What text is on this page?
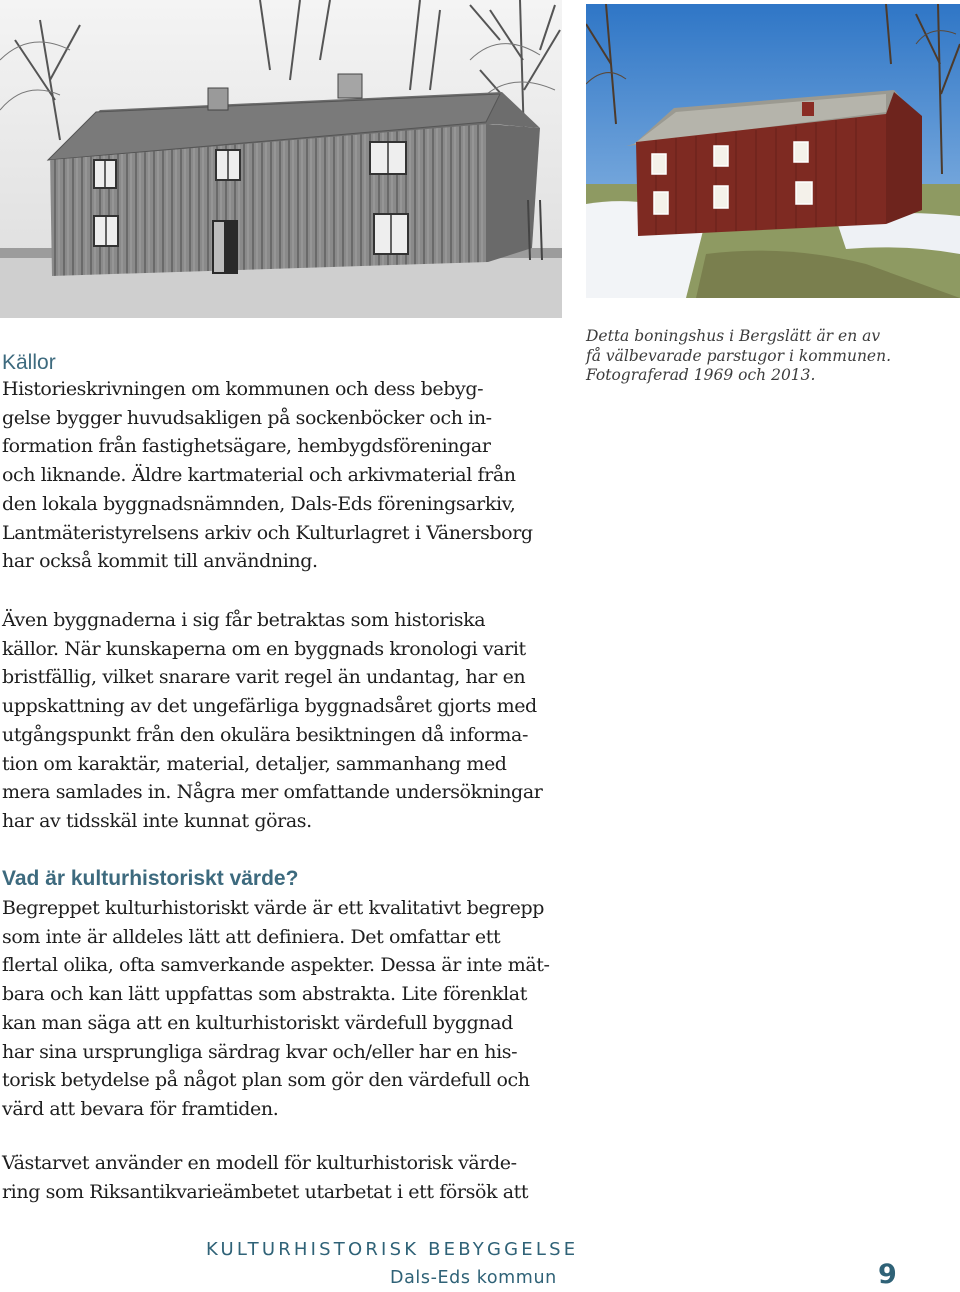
Detta boningshus i Bergslätt är en av
få välbevarade parstugor i kommunen.
Fotograferad 1969 och 2013.
Källor
Historieskrivningen om kommunen och dess bebyg-
gelse bygger huvudsakligen på sockenböcker och in-
formation från fastighetsägare, hembygdsföreningar
och liknande. Äldre kartmaterial och arkivmaterial från
den lokala byggnadsnämnden, Dals-Eds föreningsarkiv,
Lantmäteristyrelsens arkiv och Kulturlagret i Vänersborg
har också kommit till användning.
Även byggnaderna i sig får betraktas som historiska
källor. När kunskaperna om en byggnads kronologi varit
bristfällig, vilket snarare varit regel än undantag, har en
uppskattning av det ungefärliga byggnadsåret gjorts med
utgångspunkt från den okulära besiktningen då informa-
tion om karaktär, material, detaljer, sammanhang med
mera samlades in. Några mer omfattande undersökningar
har av tidsskäl inte kunnat göras.
Vad är kulturhistoriskt värde?
Begreppet kulturhistoriskt värde är ett kvalitativt begrepp
som inte är alldeles lätt att definiera. Det omfattar ett
flertal olika, ofta samverkande aspekter. Dessa är inte mät-
bara och kan lätt uppfattas som abstrakta. Lite förenklat
kan man säga att en kulturhistoriskt värdefull byggnad
har sina ursprungliga särdrag kvar och/eller har en his-
torisk betydelse på något plan som gör den värdefull och
värd att bevara för framtiden.
Västarvet använder en modell för kulturhistorisk värde-
ring som Riksantikvarieämbetet utarbetat i ett försök att
KULTURHISTORISK BEBYGGELSE
Dals-Eds kommun	9
